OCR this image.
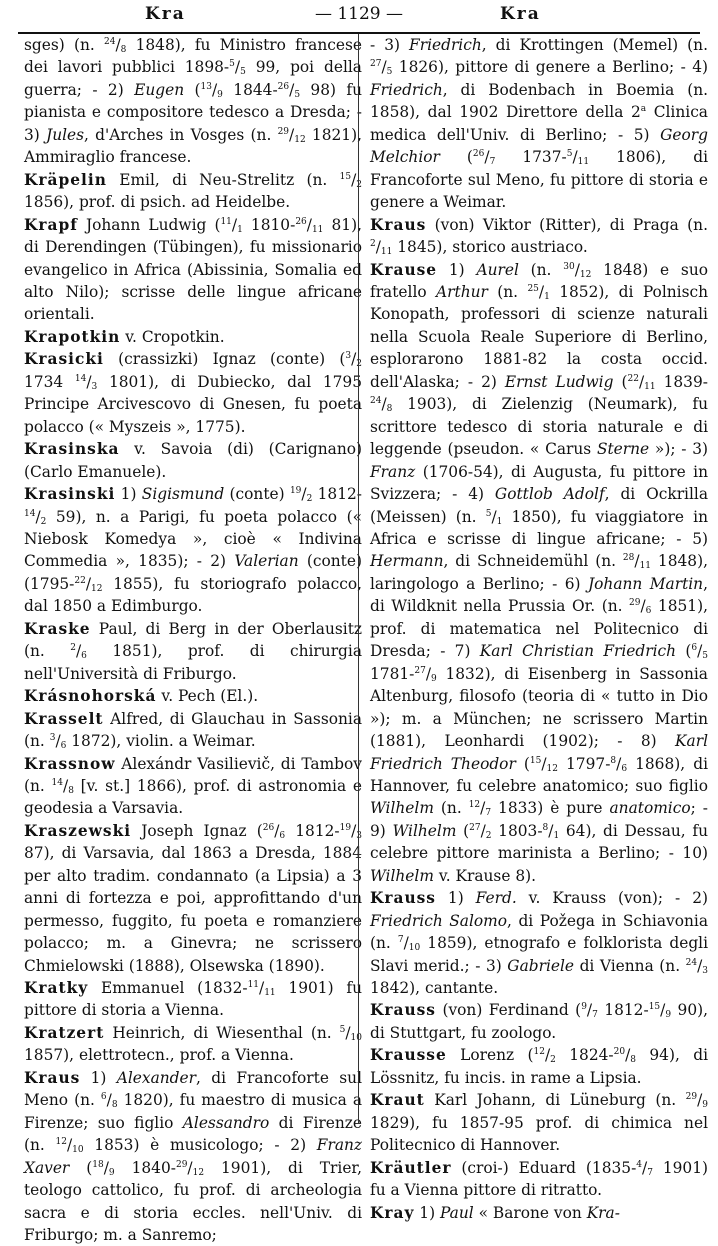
Kra	— 1129 —	Kra

sges) (n. $^{24}/_8$ 1848), fu Ministro francese dei lavori pubblici $1898-^5/_5$ 99, poi della guerra; - 2) Eugen ($^{13}/_9$ $1844-^{26}/_5$ 98) fu pianista e compositore tedesco a Dresda; - 3) Jules, d'Arches in Vosges (n. $^{29}/_{12}$ 1821), Ammiraglio francese.

Kräpelin Emil, di Neu-Strelitz (n. $^{15}/_2$ 1856), prof. di psich. ad Heidelbe.

Krapf Johann Ludwig ($^{11}/_1$ $1810-^{26}/_{11}$ 81), di Derendingen (Tübingen), fu missionario evangelico in Africa (Abissinia, Somalia ed alto Nilo); scrisse delle lingue africane orientali.

Krapotkin v. Cropotkin.

Krasicki (crassizki) Ignaz (conte) ($^3/_2$ 1734 $^{14}/_3$ 1801), di Dubiecko, dal 1795 Principe Arcivescovo di Gnesen, fu poeta polacco (« Myszeis », 1775).

Krasinska v. Savoia (di) (Carignano) (Carlo Emanuele).

Krasinski 1) Sigismund (conte) $^{19}/_2$ $1812-^{14}/_2$ 59), n. a Parigi, fu poeta polacco (« Niebosk Komedya », cioè « Indivina Commedia », 1835); - 2) Valerian (conte) ($1795-^{22}/_{12}$ 1855), fu storiografo polacco, dal 1850 a Edimburgo.

Kraske Paul, di Berg in der Oberlausitz (n. $^2/_6$ 1851), prof. di chirurgia nell'Università di Friburgo.

Krásnohorská v. Pech (El.).

Krasselt Alfred, di Glauchau in Sassonia (n. $^3/_6$ 1872), violin. a Weimar.

Krassnow Alexándr Vasilievič, di Tambov (n. $^{14}/_8$ [v. st.] 1866), prof. di astronomia e geodesia a Varsavia.

Kraszewski Joseph Ignaz ($^{26}/_6$ $1812-^{19}/_3$ 87), di Varsavia, dal 1863 a Dresda, 1884 per alto tradim. condannato (a Lipsia) a 3 anni di fortezza e poi, approfittando d'un permesso, fuggito, fu poeta e romanziere polacco; m. a Ginevra; ne scrissero Chmielowski (1888), Olsewska (1890).

Kratky Emmanuel ($1832-^{11}/_{11}$ 1901) fu pittore di storia a Vienna.

Kratzert Heinrich, di Wiesenthal (n. $^5/_{10}$ 1857), elettrotecn., prof. a Vienna.

Kraus 1) Alexander, di Francoforte sul Meno (n. $^6/_8$ 1820), fu maestro di musica a Firenze; suo figlio Alessandro di Firenze (n. $^{12}/_{10}$ 1853) è musicologo; - 2) Franz Xaver ($^{18}/_9$ $1840-^{29}/_{12}$ 1901), di Trier, teologo cattolico, fu prof. di archeologia sacra e di storia eccles. nell'Univ. di Friburgo; m. a Sanremo;

- 3) Friedrich, di Krottingen (Memel) (n. $^{27}/_5$ 1826), pittore di genere a Berlino; - 4) Friedrich, di Bodenbach in Boemia (n. 1858), dal 1902 Direttore della 2$^a$ Clinica medica dell'Univ. di Berlino; - 5) Georg Melchior ($^{26}/_7$ $1737-^5/_{11}$ 1806), di Francoforte sul Meno, fu pittore di storia e genere a Weimar.

Kraus (von) Viktor (Ritter), di Praga (n. $^2/_{11}$ 1845), storico austriaco.

Krause 1) Aurel (n. $^{30}/_{12}$ 1848) e suo fratello Arthur (n. $^{25}/_1$ 1852), di Polnisch Konopath, professori di scienze naturali nella Scuola Reale Superiore di Berlino, esplorarono 1881-82 la costa occid. dell'Alaska; - 2) Ernst Ludwig ($^{22}/_{11}$ $1839-^{24}/_8$ 1903), di Zielenzig (Neumark), fu scrittore tedesco di storia naturale e di leggende (pseudon. « Carus Sterne »); - 3) Franz (1706-54), di Augusta, fu pittore in Svizzera; - 4) Gottlob Adolf, di Ockrilla (Meissen) (n. $^5/_1$ 1850), fu viaggiatore in Africa e scrisse di lingue africane; - 5) Hermann, di Schneidemühl (n. $^{28}/_{11}$ 1848), laringologo a Berlino; - 6) Johann Martin, di Wildknit nella Prussia Or. (n. $^{29}/_6$ 1851), prof. di matematica nel Politecnico di Dresda; - 7) Karl Christian Friedrich ($^6/_5$ $1781-^{27}/_9$ 1832), di Eisenberg in Sassonia Altenburg, filosofo (teoria di « tutto in Dio »); m. a München; ne scrissero Martin (1881), Leonhardi (1902); - 8) Karl Friedrich Theodor ($^{15}/_{12}$ $1797-^8/_6$ 1868), di Hannover, fu celebre anatomico; suo figlio Wilhelm (n. $^{12}/_7$ 1833) è pure anatomico; - 9) Wilhelm ($^{27}/_2$ $1803-^8/_1$ 64), di Dessau, fu celebre pittore marinista a Berlino; - 10) Wilhelm v. Krause 8).

Krauss 1) Ferd. v. Krauss (von); - 2) Friedrich Salomo, di Požega in Schiavonia (n. $^7/_{10}$ 1859), etnografo e folklorista degli Slavi merid.; - 3) Gabriele di Vienna (n. $^{24}/_3$ 1842), cantante.

Krauss (von) Ferdinand ($^9/_7$ $1812-^{15}/_9$ 90), di Stuttgart, fu zoologo.

Krausse Lorenz ($^{12}/_2$ $1824-^{20}/_8$ 94), di Lössnitz, fu incis. in rame a Lipsia.

Kraut Karl Johann, di Lüneburg (n. $^{29}/_9$ 1829), fu 1857-95 prof. di chimica nel Politecnico di Hannover.

Kräutler (croi-) Eduard ($1835-^4/_7$ 1901) fu a Vienna pittore di ritratto.

Kray 1) Paul « Barone von Kra-
